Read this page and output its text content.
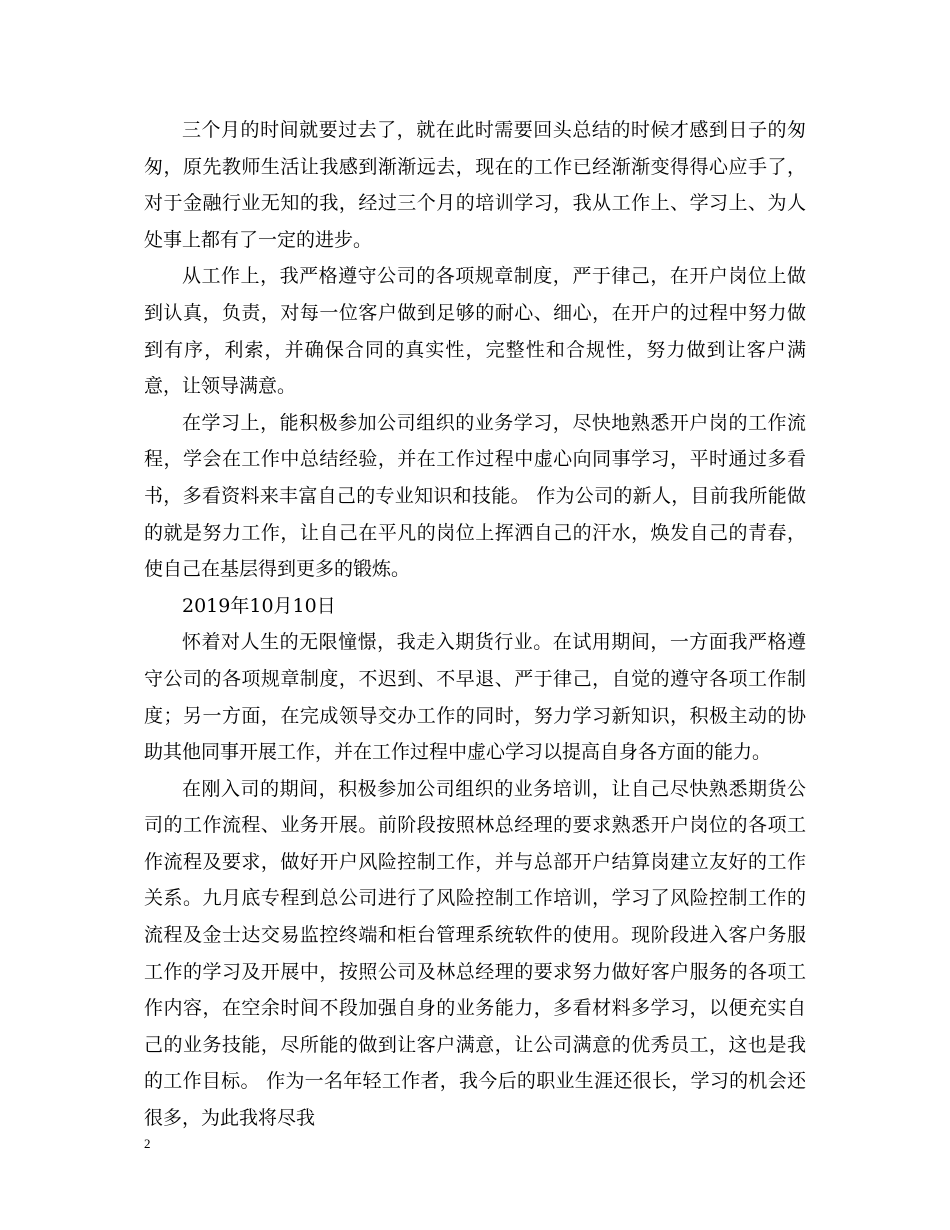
三个月的时间就要过去了，就在此时需要回头总结的时候才感到日子的匆匆，原先教师生活让我感到渐渐远去，现在的工作已经渐渐变得得心应手了，对于金融行业无知的我，经过三个月的培训学习，我从工作上、学习上、为人处事上都有了一定的进步。

从工作上，我严格遵守公司的各项规章制度，严于律己，在开户岗位上做到认真，负责，对每一位客户做到足够的耐心、细心，在开户的过程中努力做到有序，利索，并确保合同的真实性，完整性和合规性，努力做到让客户满意，让领导满意。

在学习上，能积极参加公司组织的业务学习，尽快地熟悉开户岗的工作流程，学会在工作中总结经验，并在工作过程中虚心向同事学习，平时通过多看书，多看资料来丰富自己的专业知识和技能。 作为公司的新人，目前我所能做的就是努力工作，让自己在平凡的岗位上挥洒自己的汗水，焕发自己的青春，使自己在基层得到更多的锻炼。

2019年10月10日

怀着对人生的无限憧憬，我走入期货行业。在试用期间，一方面我严格遵守公司的各项规章制度，不迟到、不早退、严于律己，自觉的遵守各项工作制度；另一方面，在完成领导交办工作的同时，努力学习新知识，积极主动的协助其他同事开展工作，并在工作过程中虚心学习以提高自身各方面的能力。

在刚入司的期间，积极参加公司组织的业务培训，让自己尽快熟悉期货公司的工作流程、业务开展。前阶段按照林总经理的要求熟悉开户岗位的各项工作流程及要求，做好开户风险控制工作，并与总部开户结算岗建立友好的工作关系。九月底专程到总公司进行了风险控制工作培训，学习了风险控制工作的流程及金士达交易监控终端和柜台管理系统软件的使用。现阶段进入客户务服工作的学习及开展中，按照公司及林总经理的要求努力做好客户服务的各项工作内容，在空余时间不段加强自身的业务能力，多看材料多学习，以便充实自己的业务技能，尽所能的做到让客户满意，让公司满意的优秀员工，这也是我的工作目标。 作为一名年轻工作者，我今后的职业生涯还很长，学习的机会还很多，为此我将尽我

2
